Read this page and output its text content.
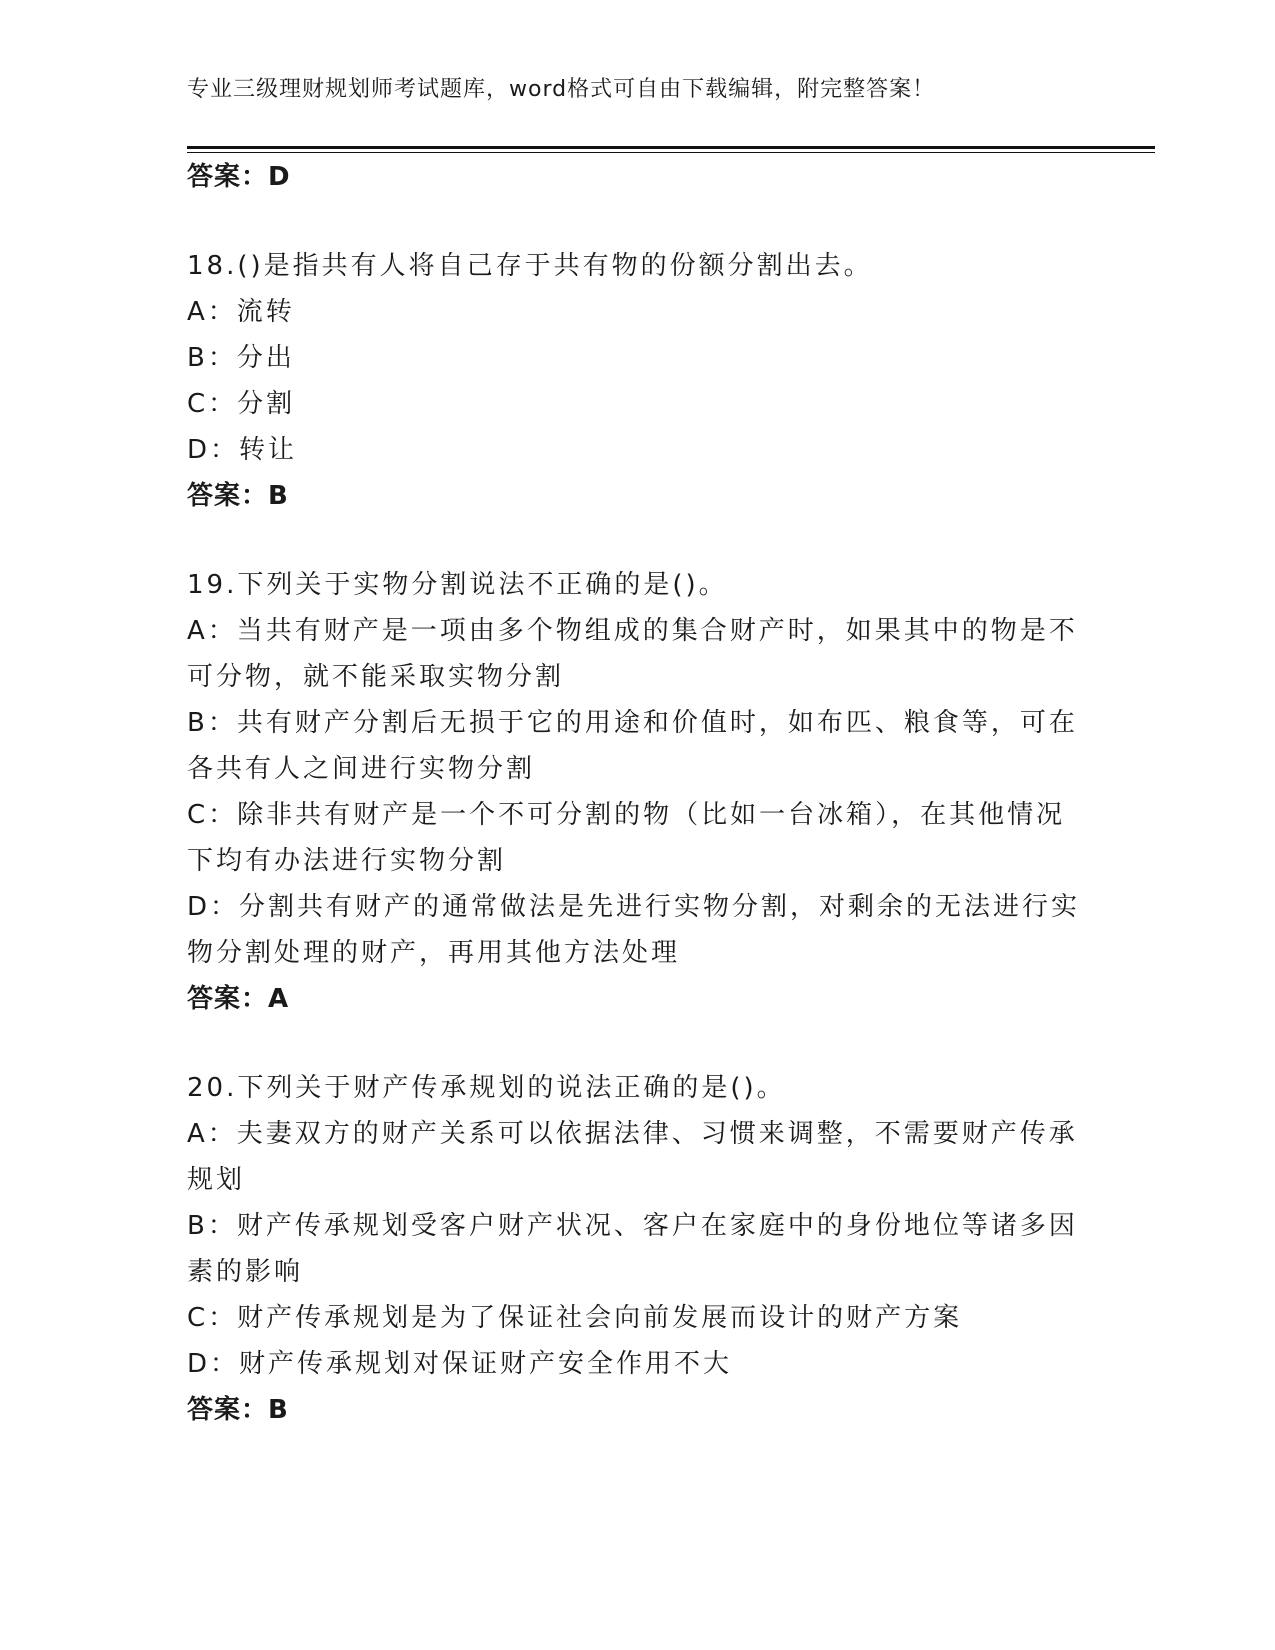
专业三级理财规划师考试题库，word格式可自由下载编辑，附完整答案！
答案：D
18.()是指共有人将自己存于共有物的份额分割出去。
A：流转
B：分出
C：分割
D：转让
答案：B
19.下列关于实物分割说法不正确的是()。
A：当共有财产是一项由多个物组成的集合财产时，如果其中的物是不
可分物，就不能采取实物分割
B：共有财产分割后无损于它的用途和价值时，如布匹、粮食等，可在
各共有人之间进行实物分割
C：除非共有财产是一个不可分割的物（比如一台冰箱），在其他情况
下均有办法进行实物分割
D：分割共有财产的通常做法是先进行实物分割，对剩余的无法进行实
物分割处理的财产，再用其他方法处理
答案：A
20.下列关于财产传承规划的说法正确的是()。
A：夫妻双方的财产关系可以依据法律、习惯来调整，不需要财产传承
规划
B：财产传承规划受客户财产状况、客户在家庭中的身份地位等诸多因
素的影响
C：财产传承规划是为了保证社会向前发展而设计的财产方案
D：财产传承规划对保证财产安全作用不大
答案：B
